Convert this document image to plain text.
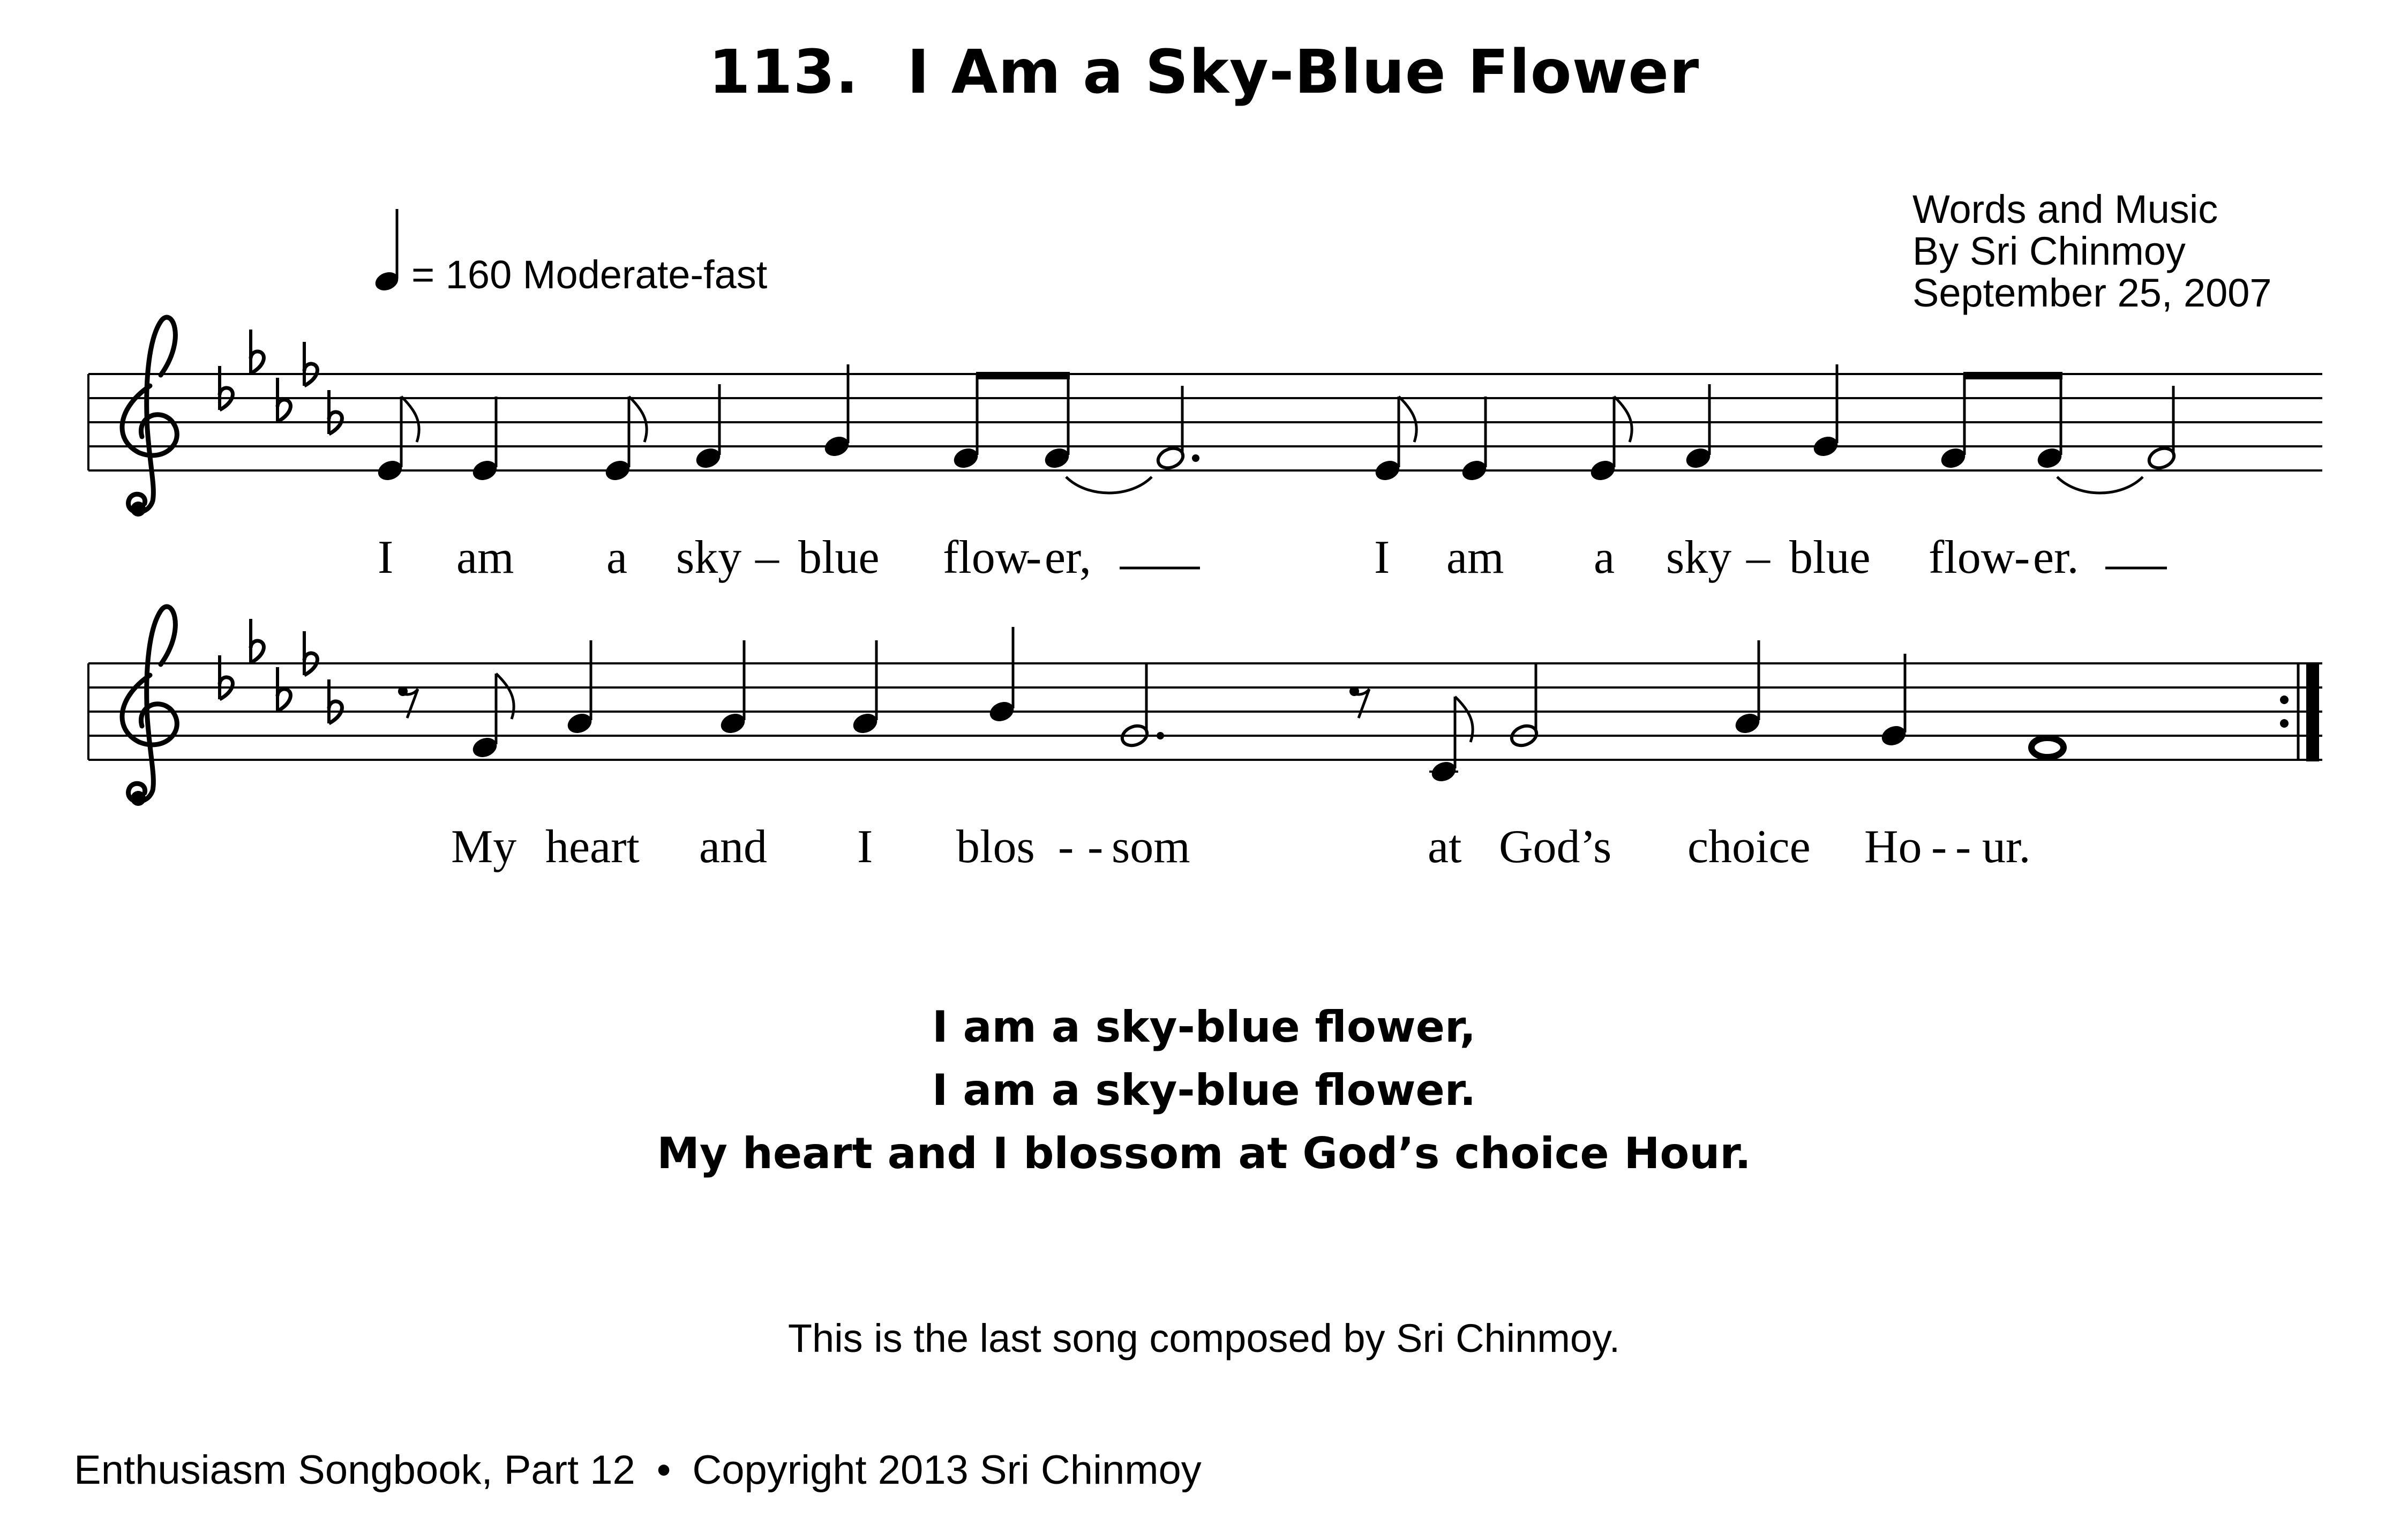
113. I Am a Sky-Blue Flower
Words and Music
By Sri Chinmoy
September 25, 2007
= 160 Moderate-fast
I am a sky – blue flow
- er,	I am a sky – blue flow
- er.
My heart and I blos - - som	at God’s choice Ho - - ur.
I am a sky-blue flower,
I am a sky-blue flower.
My heart and I blossom at God’s choice Hour.
This is the last song composed by Sri Chinmoy.
Enthusiasm Songbook, Part 12 • Copyright 2013 Sri Chinmoy
